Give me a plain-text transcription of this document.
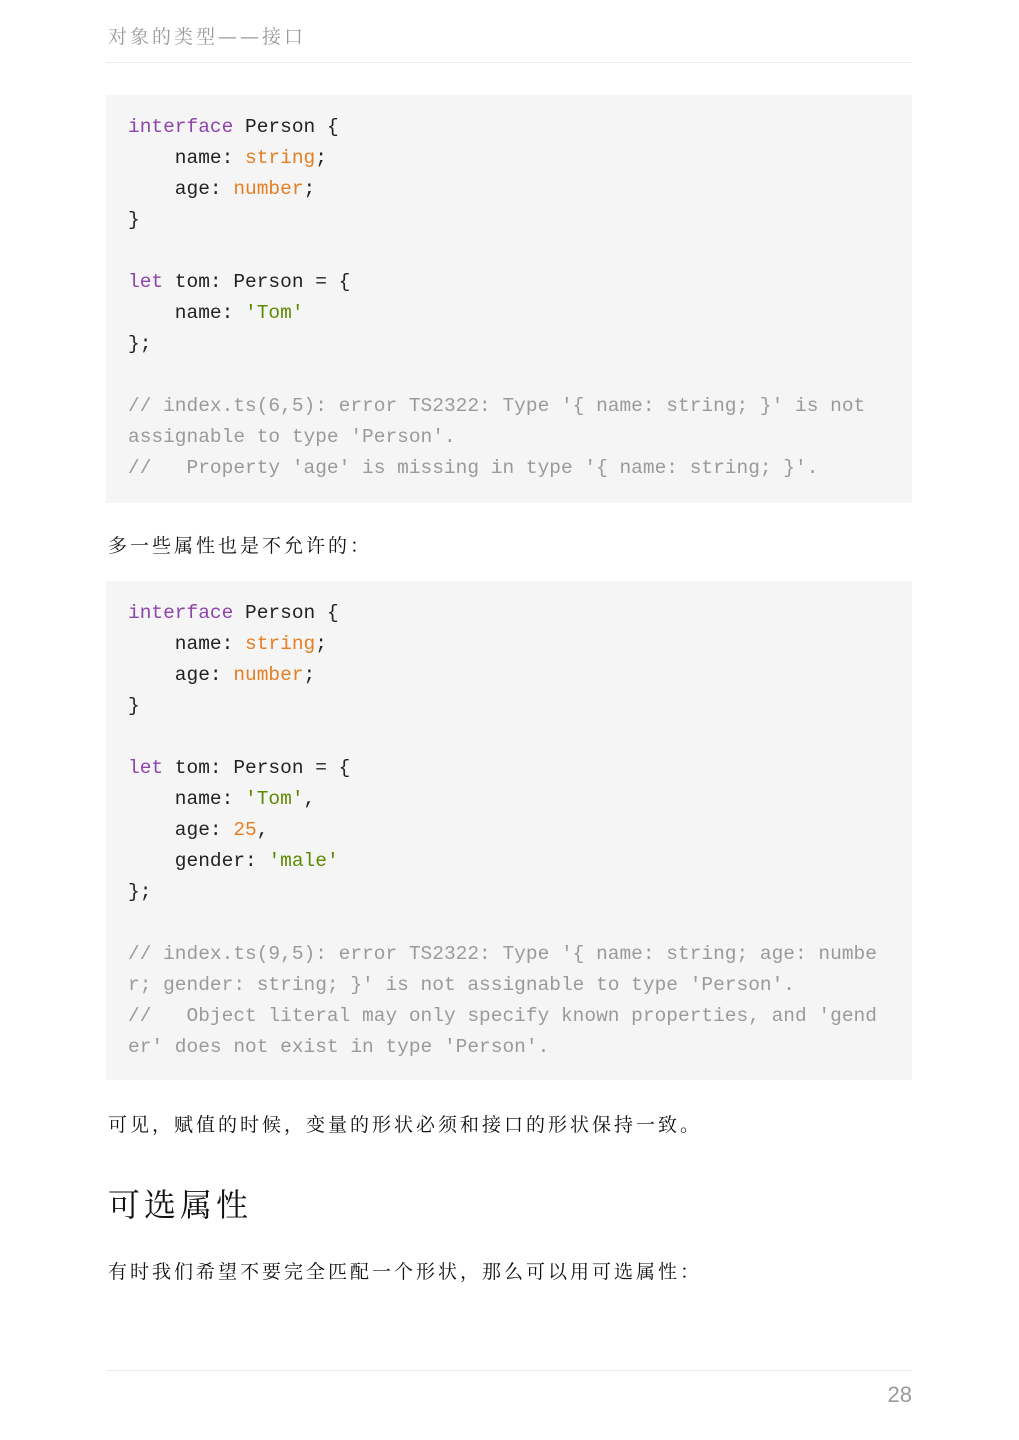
对象的类型——接口
interface Person {
name: string;
age: number;
}
let tom: Person = {
name: 'Tom'
};
// index.ts(6,5): error TS2322: Type '{ name: string; }' is not
assignable to type 'Person'.
//   Property 'age' is missing in type '{ name: string; }'.
多一些属性也是不允许的：
interface Person {
name: string;
age: number;
}
let tom: Person = {
name: 'Tom',
age: 25,
gender: 'male'
};
// index.ts(9,5): error TS2322: Type '{ name: string; age: numbe
r; gender: string; }' is not assignable to type 'Person'.
//   Object literal may only specify known properties, and 'gend
er' does not exist in type 'Person'.
可见，赋值的时候，变量的形状必须和接口的形状保持一致。
可选属性
有时我们希望不要完全匹配一个形状，那么可以用可选属性：
28
